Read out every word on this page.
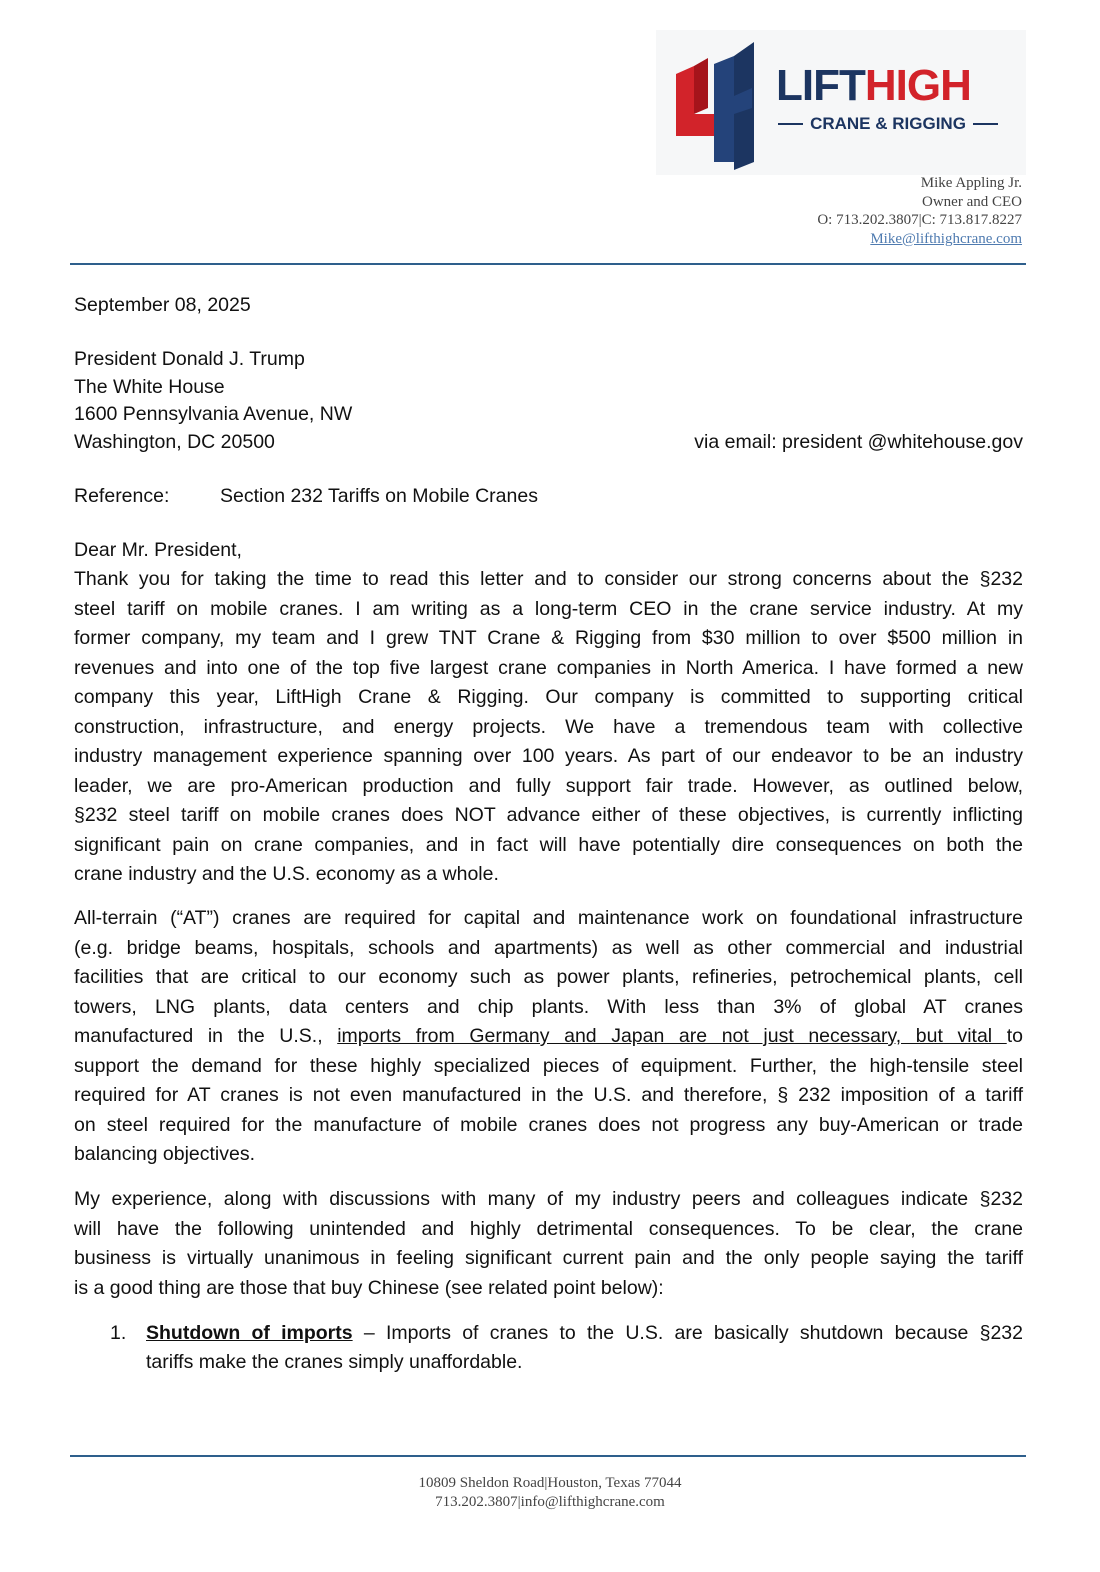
LIFTHIGH
CRANE & RIGGING
Mike Appling Jr.
Owner and CEO
O: 713.202.3807|C: 713.817.8227
Mike@lifthighcrane.com
September 08, 2025
President Donald J. Trump
The White House
1600 Pennsylvania Avenue, NW
Washington, DC 20500	via email: president @whitehouse.gov
Reference:	Section 232 Tariffs on Mobile Cranes
Dear Mr. President,
Thank you for taking the time to read this letter and to consider our strong concerns about the §232
steel tariff on mobile cranes. I am writing as a long-term CEO in the crane service industry. At my
former company, my team and I grew TNT Crane & Rigging from $30 million to over $500 million in
revenues and into one of the top five largest crane companies in North America. I have formed a new
company this year, LiftHigh Crane & Rigging. Our company is committed to supporting critical
construction, infrastructure, and energy projects. We have a tremendous team with collective
industry management experience spanning over 100 years. As part of our endeavor to be an industry
leader, we are pro-American production and fully support fair trade. However, as outlined below,
§232 steel tariff on mobile cranes does NOT advance either of these objectives, is currently inflicting
significant pain on crane companies, and in fact will have potentially dire consequences on both the
crane industry and the U.S. economy as a whole.
All-terrain (“AT”) cranes are required for capital and maintenance work on foundational infrastructure
(e.g. bridge beams, hospitals, schools and apartments) as well as other commercial and industrial
facilities that are critical to our economy such as power plants, refineries, petrochemical plants, cell
towers, LNG plants, data centers and chip plants. With less than 3% of global AT cranes
manufactured in the U.S., imports from Germany and Japan are not just necessary, but vital to
support the demand for these highly specialized pieces of equipment. Further, the high-tensile steel
required for AT cranes is not even manufactured in the U.S. and therefore, § 232 imposition of a tariff
on steel required for the manufacture of mobile cranes does not progress any buy-American or trade
balancing objectives.
My experience, along with discussions with many of my industry peers and colleagues indicate §232
will have the following unintended and highly detrimental consequences. To be clear, the crane
business is virtually unanimous in feeling significant current pain and the only people saying the tariff
is a good thing are those that buy Chinese (see related point below):
1. Shutdown of imports – Imports of cranes to the U.S. are basically shutdown because §232
tariffs make the cranes simply unaffordable.
10809 Sheldon Road|Houston, Texas 77044
713.202.3807|info@lifthighcrane.com
